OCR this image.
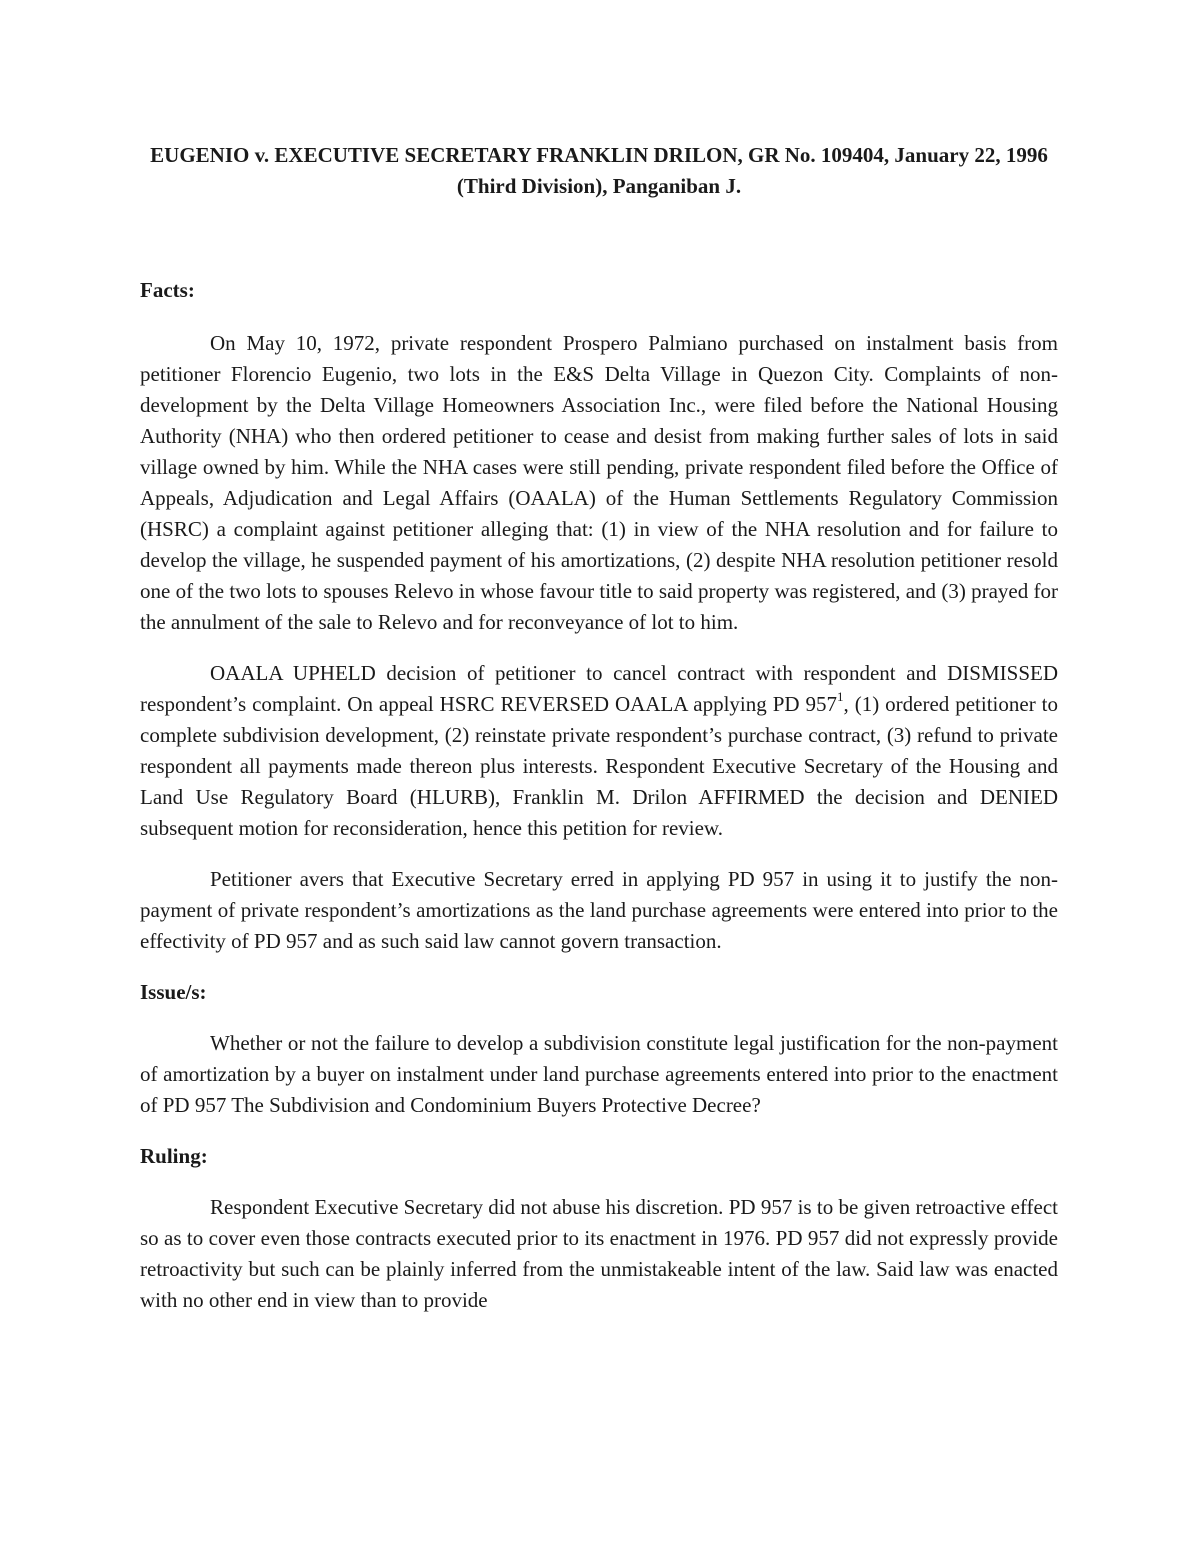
EUGENIO v. EXECUTIVE SECRETARY FRANKLIN DRILON, GR No. 109404, January 22, 1996 (Third Division), Panganiban J.

Facts:

On May 10, 1972, private respondent Prospero Palmiano purchased on instalment basis from petitioner Florencio Eugenio, two lots in the E&S Delta Village in Quezon City. Complaints of non-development by the Delta Village Homeowners Association Inc., were filed before the National Housing Authority (NHA) who then ordered petitioner to cease and desist from making further sales of lots in said village owned by him. While the NHA cases were still pending, private respondent filed before the Office of Appeals, Adjudication and Legal Affairs (OAALA) of the Human Settlements Regulatory Commission (HSRC) a complaint against petitioner alleging that: (1) in view of the NHA resolution and for failure to develop the village, he suspended payment of his amortizations, (2) despite NHA resolution petitioner resold one of the two lots to spouses Relevo in whose favour title to said property was registered, and (3) prayed for the annulment of the sale to Relevo and for reconveyance of lot to him.

OAALA UPHELD decision of petitioner to cancel contract with respondent and DISMISSED respondent’s complaint. On appeal HSRC REVERSED OAALA applying PD $957^1$, (1) ordered petitioner to complete subdivision development, (2) reinstate private respondent’s purchase contract, (3) refund to private respondent all payments made thereon plus interests. Respondent Executive Secretary of the Housing and Land Use Regulatory Board (HLURB), Franklin M. Drilon AFFIRMED the decision and DENIED subsequent motion for reconsideration, hence this petition for review.

Petitioner avers that Executive Secretary erred in applying PD 957 in using it to justify the non-payment of private respondent’s amortizations as the land purchase agreements were entered into prior to the effectivity of PD 957 and as such said law cannot govern transaction.

Issue/s:

Whether or not the failure to develop a subdivision constitute legal justification for the non-payment of amortization by a buyer on instalment under land purchase agreements entered into prior to the enactment of PD 957 The Subdivision and Condominium Buyers Protective Decree?

Ruling:

Respondent Executive Secretary did not abuse his discretion. PD 957 is to be given retroactive effect so as to cover even those contracts executed prior to its enactment in 1976. PD 957 did not expressly provide retroactivity but such can be plainly inferred from the unmistakeable intent of the law. Said law was enacted with no other end in view than to provide
